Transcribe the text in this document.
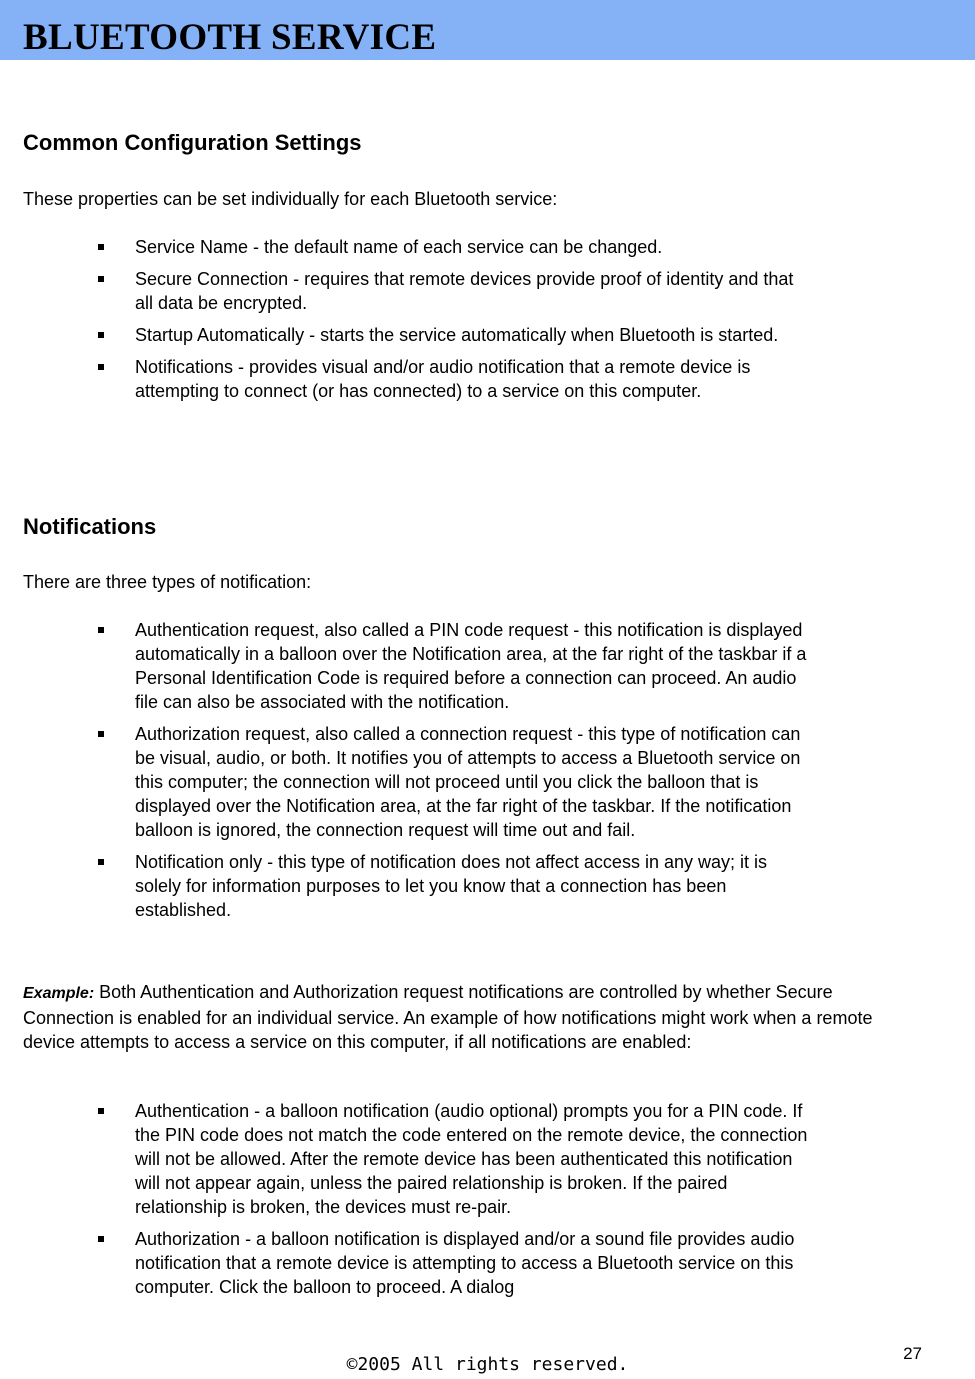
BLUETOOTH SERVICE
Common Configuration Settings
These properties can be set individually for each Bluetooth service:
Service Name - the default name of each service can be changed.
Secure Connection - requires that remote devices provide proof of identity and that all data be encrypted.
Startup Automatically - starts the service automatically when Bluetooth is started.
Notifications - provides visual and/or audio notification that a remote device is attempting to connect (or has connected) to a service on this computer.
Notifications
There are three types of notification:
Authentication request, also called a PIN code request - this notification is displayed automatically in a balloon over the Notification area, at the far right of the taskbar if a Personal Identification Code is required before a connection can proceed. An audio file can also be associated with the notification.
Authorization request, also called a connection request - this type of notification can be visual, audio, or both. It notifies you of attempts to access a Bluetooth service on this computer; the connection will not proceed until you click the balloon that is displayed over the Notification area, at the far right of the taskbar. If the notification balloon is ignored, the connection request will time out and fail.
Notification only - this type of notification does not affect access in any way; it is solely for information purposes to let you know that a connection has been established.
Example: Both Authentication and Authorization request notifications are controlled by whether Secure Connection is enabled for an individual service. An example of how notifications might work when a remote device attempts to access a service on this computer, if all notifications are enabled:
Authentication - a balloon notification (audio optional) prompts you for a PIN code. If the PIN code does not match the code entered on the remote device, the connection will not be allowed. After the remote device has been authenticated this notification will not appear again, unless the paired relationship is broken. If the paired relationship is broken, the devices must re-pair.
Authorization - a balloon notification is displayed and/or a sound file provides audio notification that a remote device is attempting to access a Bluetooth service on this computer. Click the balloon to proceed. A dialog
27
©2005 All rights reserved.
